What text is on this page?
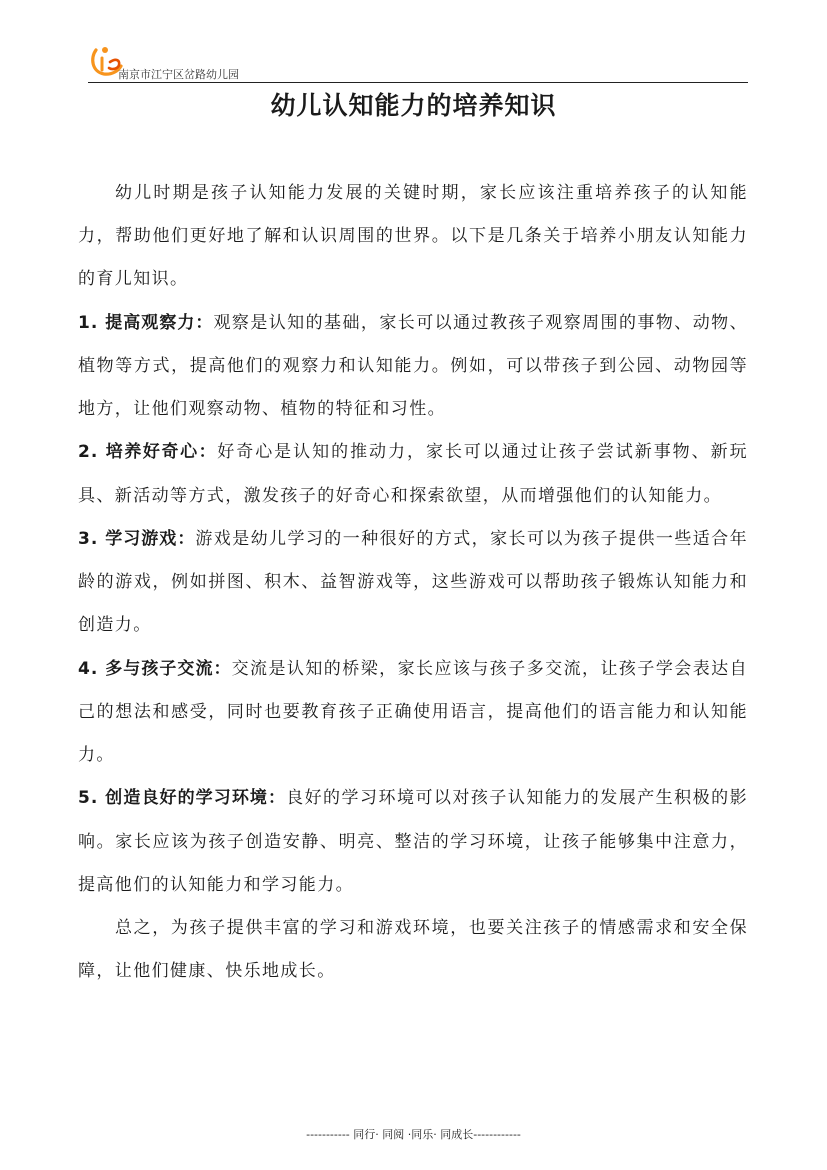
南京市江宁区岔路幼儿园
幼儿认知能力的培养知识

幼儿时期是孩子认知能力发展的关键时期，家长应该注重培养孩子的认知能力，帮助他们更好地了解和认识周围的世界。以下是几条关于培养小朋友认知能力的育儿知识。

1. 提高观察力：观察是认知的基础，家长可以通过教孩子观察周围的事物、动物、植物等方式，提高他们的观察力和认知能力。例如，可以带孩子到公园、动物园等地方，让他们观察动物、植物的特征和习性。

2. 培养好奇心：好奇心是认知的推动力，家长可以通过让孩子尝试新事物、新玩具、新活动等方式，激发孩子的好奇心和探索欲望，从而增强他们的认知能力。

3. 学习游戏：游戏是幼儿学习的一种很好的方式，家长可以为孩子提供一些适合年龄的游戏，例如拼图、积木、益智游戏等，这些游戏可以帮助孩子锻炼认知能力和创造力。

4. 多与孩子交流：交流是认知的桥梁，家长应该与孩子多交流，让孩子学会表达自己的想法和感受，同时也要教育孩子正确使用语言，提高他们的语言能力和认知能力。

5. 创造良好的学习环境：良好的学习环境可以对孩子认知能力的发展产生积极的影响。家长应该为孩子创造安静、明亮、整洁的学习环境，让孩子能够集中注意力，提高他们的认知能力和学习能力。

总之，为孩子提供丰富的学习和游戏环境，也要关注孩子的情感需求和安全保障，让他们健康、快乐地成长。

----------- 同行· 同阅 ·同乐· 同成长------------
